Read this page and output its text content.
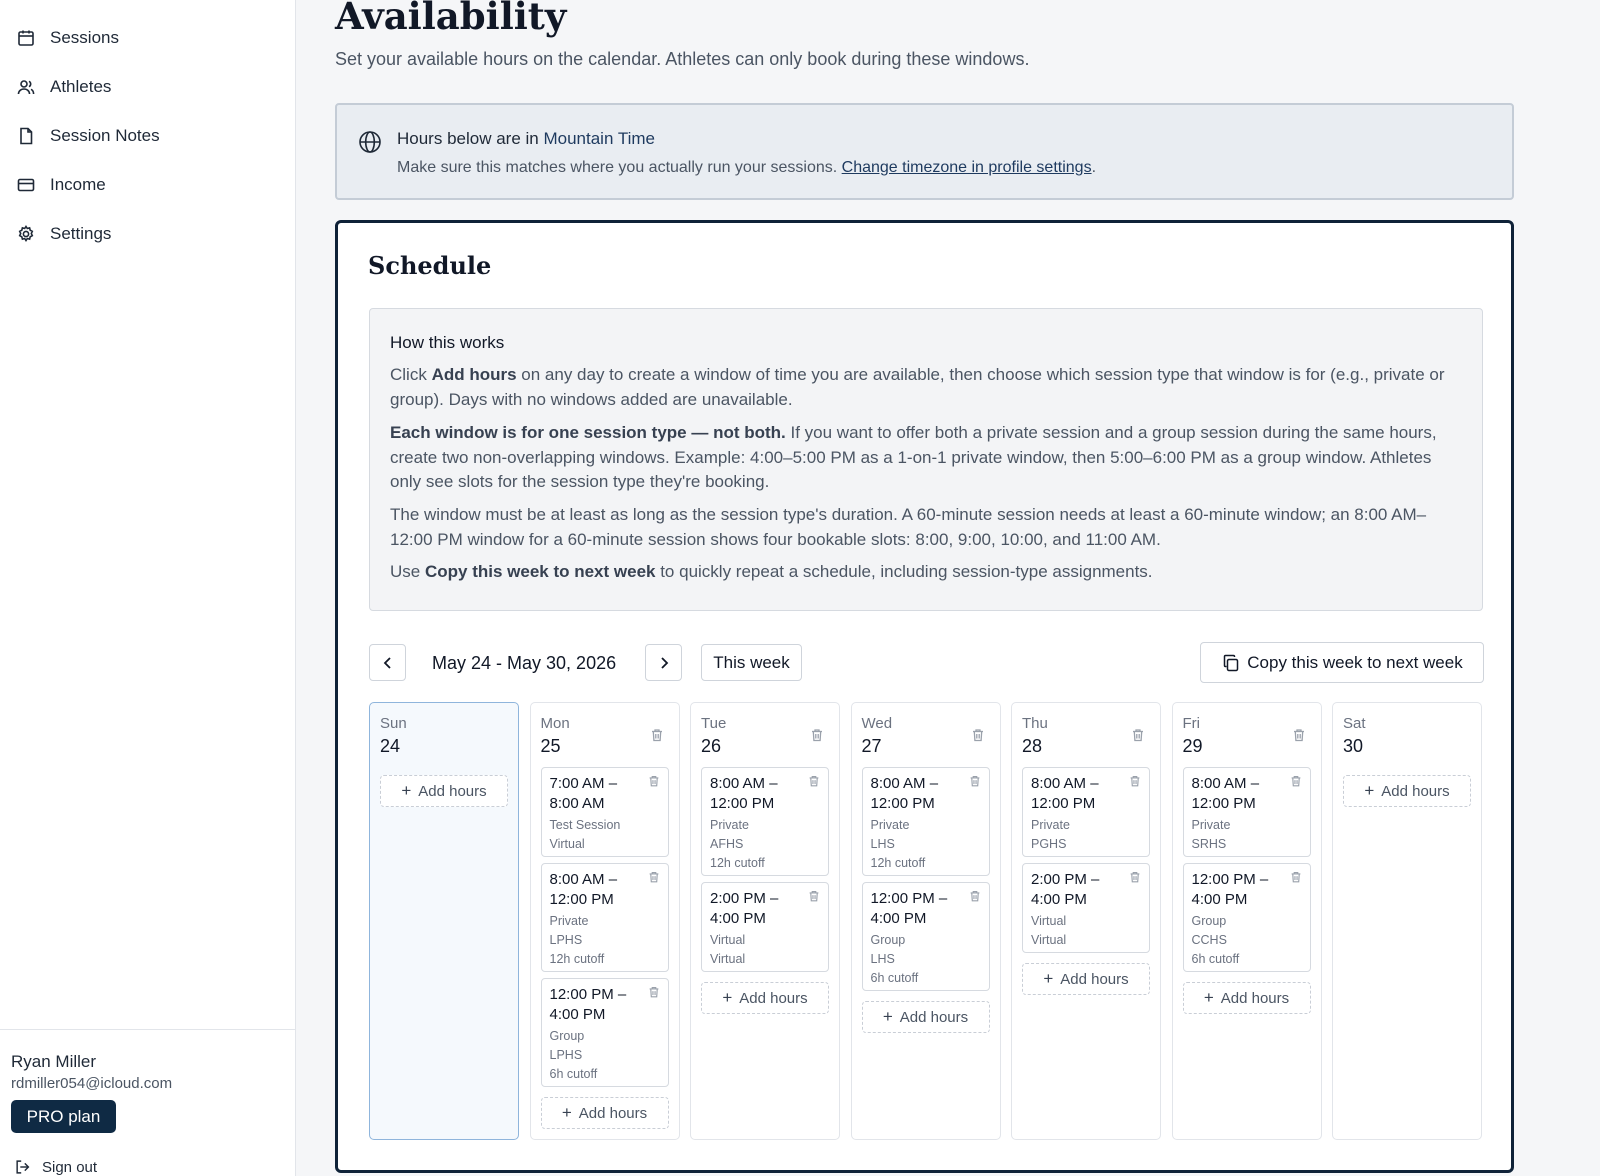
Sessions
Athletes
Session Notes
Income
Settings
Ryan Miller
rdmiller054@icloud.com
PRO plan
Sign out
Availability
Set your available hours on the calendar. Athletes can only book during these windows.
Hours below are in Mountain Time
Make sure this matches where you actually run your sessions. Change timezone in profile settings.
Schedule
How this works

Click Add hours on any day to create a window of time you are available, then choose which session type that window is for (e.g., private or group). Days with no windows added are unavailable.

Each window is for one session type — not both. If you want to offer both a private session and a group session during the same hours, create two non-overlapping windows. Example: 4:00–5:00 PM as a 1-on-1 private window, then 5:00–6:00 PM as a group window. Athletes only see slots for the session type they're booking.

The window must be at least as long as the session type's duration. A 60-minute session needs at least a 60-minute window; an 8:00 AM–12:00 PM window for a 60-minute session shows four bookable slots: 8:00, 9:00, 10:00, and 11:00 AM.

Use Copy this week to next week to quickly repeat a schedule, including session-type assignments.

May 24 - May 30, 2026	This week	Copy this week to next week
Sun
24
+ Add hours
Mon
25
7:00 AM – 8:00 AM
Test Session
Virtual
8:00 AM – 12:00 PM
Private
LPHS
12h cutoff
12:00 PM – 4:00 PM
Group
LPHS
6h cutoff
+ Add hours
Tue
26
8:00 AM – 12:00 PM
Private
AFHS
12h cutoff
2:00 PM – 4:00 PM
Virtual
Virtual
+ Add hours
Wed
27
8:00 AM – 12:00 PM
Private
LHS
12h cutoff
12:00 PM – 4:00 PM
Group
LHS
6h cutoff
+ Add hours
Thu
28
8:00 AM – 12:00 PM
Private
PGHS
2:00 PM – 4:00 PM
Virtual
Virtual
+ Add hours
Fri
29
8:00 AM – 12:00 PM
Private
SRHS
12:00 PM – 4:00 PM
Group
CCHS
6h cutoff
+ Add hours
Sat
30
+ Add hours
